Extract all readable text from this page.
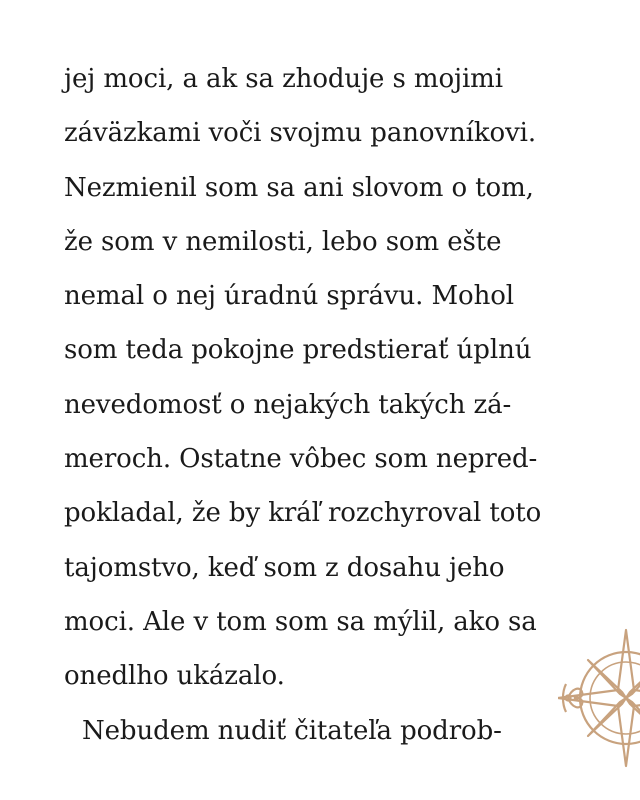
jej moci, a ak sa zhoduje s mojimi
záväzkami voči svojmu panovníkovi.
Nezmienil som sa ani slovom o tom,
že som v nemilosti, lebo som ešte
nemal o nej úradnú správu. Mohol
som teda pokojne predstierať úplnú
nevedomosť o nejakých takých zá-
meroch. Ostatne vôbec som nepred-
pokladal, že by kráľ rozchyroval toto
tajomstvo, keď som z dosahu jeho
moci. Ale v tom som sa mýlil, ako sa
onedlho ukázalo.
Nebudem nudiť čitateľa podrob-
